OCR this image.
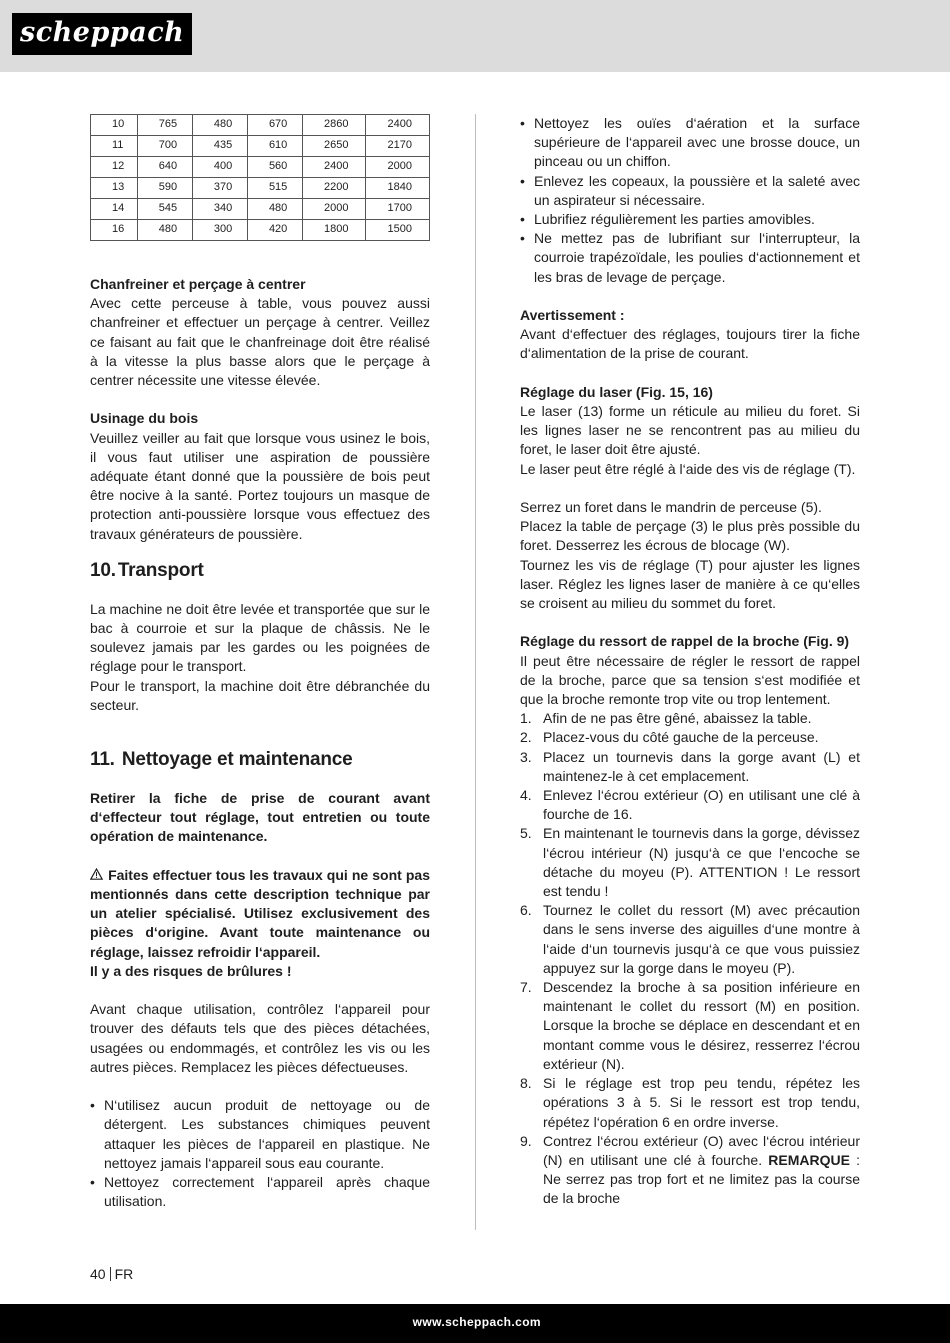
scheppach
10	765	480	670	2860	2400
11	700	435	610	2650	2170
12	640	400	560	2400	2000
13	590	370	515	2200	1840
14	545	340	480	2000	1700
16	480	300	420	1800	1500

Chanfreiner et perçage à centrer

Avec cette perceuse à table, vous pouvez aussi chanfreiner et effectuer un perçage à centrer. Veillez ce faisant au fait que le chanfreinage doit être réalisé à la vitesse la plus basse alors que le perçage à centrer nécessite une vitesse élevée.

Usinage du bois

Veuillez veiller au fait que lorsque vous usinez le bois, il vous faut utiliser une aspiration de poussière adéquate étant donné que la poussière de bois peut être nocive à la santé. Portez toujours un masque de protection anti-poussière lorsque vous effectuez des travaux générateurs de poussière.

10. Transport

La machine ne doit être levée et transportée que sur le bac à courroie et sur la plaque de châssis. Ne le soulevez jamais par les gardes ou les poignées de réglage pour le transport.

Pour le transport, la machine doit être débranchée du secteur.

11. Nettoyage et maintenance

Retirer la fiche de prise de courant avant d‘effecteur tout réglage, tout entretien ou toute opération de maintenance.

Faites effectuer tous les travaux qui ne sont pas mentionnés dans cette description technique par un atelier spécialisé. Utilisez exclusivement des pièces d‘origine. Avant toute maintenance ou réglage, laissez refroidir l‘appareil.

Il y a des risques de brûlures !

Avant chaque utilisation, contrôlez l‘appareil pour trouver des défauts tels que des pièces détachées, usagées ou endommagés, et contrôlez les vis ou les autres pièces. Remplacez les pièces défectueuses.

• N‘utilisez aucun produit de nettoyage ou de détergent. Les substances chimiques peuvent attaquer les pièces de l‘appareil en plastique. Ne nettoyez jamais l‘appareil sous eau courante.
• Nettoyez correctement l‘appareil après chaque utilisation.
• Nettoyez les ouïes d‘aération et la surface supérieure de l‘appareil avec une brosse douce, un pinceau ou un chiffon.
• Enlevez les copeaux, la poussière et la saleté avec un aspirateur si nécessaire.
• Lubrifiez régulièrement les parties amovibles.
• Ne mettez pas de lubrifiant sur l‘interrupteur, la courroie trapézoïdale, les poulies d‘actionnement et les bras de levage de perçage.

Avertissement :

Avant d‘effectuer des réglages, toujours tirer la fiche d‘alimentation de la prise de courant.

Réglage du laser (Fig. 15, 16)

Le laser (13) forme un réticule au milieu du foret. Si les lignes laser ne se rencontrent pas au milieu du foret, le laser doit être ajusté.

Le laser peut être réglé à l‘aide des vis de réglage (T).

Serrez un foret dans le mandrin de perceuse (5).

Placez la table de perçage (3) le plus près possible du foret. Desserrez les écrous de blocage (W).

Tournez les vis de réglage (T) pour ajuster les lignes laser. Réglez les lignes laser de manière à ce qu‘elles se croisent au milieu du sommet du foret.

Réglage du ressort de rappel de la broche (Fig. 9)

Il peut être nécessaire de régler le ressort de rappel de la broche, parce que sa tension s‘est modifiée et que la broche remonte trop vite ou trop lentement.

1. Afin de ne pas être gêné, abaissez la table.
2. Placez-vous du côté gauche de la perceuse.
3. Placez un tournevis dans la gorge avant (L) et maintenez-le à cet emplacement.
4. Enlevez l‘écrou extérieur (O) en utilisant une clé à fourche de 16.
5. En maintenant le tournevis dans la gorge, dévissez l‘écrou intérieur (N) jusqu‘à ce que l‘encoche se détache du moyeu (P). ATTENTION ! Le ressort est tendu !
6. Tournez le collet du ressort (M) avec précaution dans le sens inverse des aiguilles d‘une montre à l‘aide d‘un tournevis jusqu‘à ce que vous puissiez appuyez sur la gorge dans le moyeu (P).
7. Descendez la broche à sa position inférieure en maintenant le collet du ressort (M) en position. Lorsque la broche se déplace en descendant et en montant comme vous le désirez, resserrez l‘écrou extérieur (N).
8. Si le réglage est trop peu tendu, répétez les opérations 3 à 5. Si le ressort est trop tendu, répétez l‘opération 6 en ordre inverse.
9. Contrez l‘écrou extérieur (O) avec l‘écrou intérieur (N) en utilisant une clé à fourche. REMARQUE : Ne serrez pas trop fort et ne limitez pas la course de la broche
40 FR
www.scheppach.com
